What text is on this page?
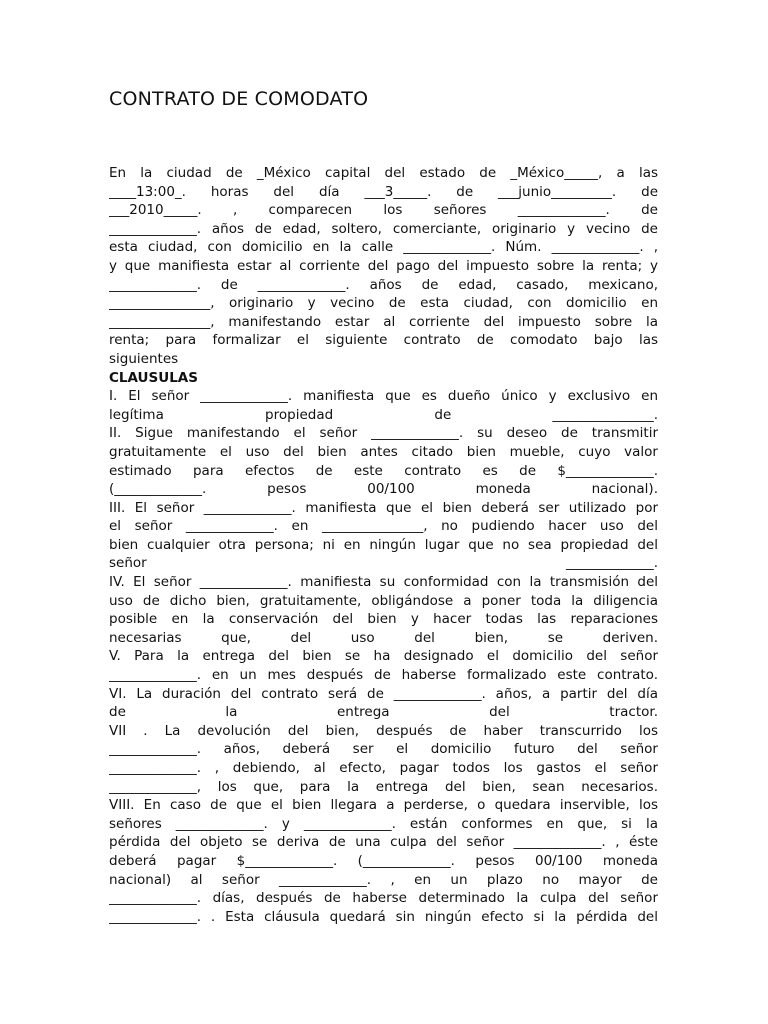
CONTRATO DE COMODATO
En la ciudad de _México capital del estado de _México_____, a las
____13:00_. horas del día ___3_____. de ___junio_________. de
___2010_____. , comparecen los señores _____________. de
_____________. años de edad, soltero, comerciante, originario y vecino de
esta ciudad, con domicilio en la calle _____________. Núm. _____________. ,
y que manifiesta estar al corriente del pago del impuesto sobre la renta; y
_____________. de _____________. años de edad, casado, mexicano,
_______________, originario y vecino de esta ciudad, con domicilio en
_______________, manifestando estar al corriente del impuesto sobre la
renta; para formalizar el siguiente contrato de comodato bajo las
siguientes
CLAUSULAS
I. El señor _____________. manifiesta que es dueño único y exclusivo en
legítima propiedad de _______________.
II. Sigue manifestando el señor _____________. su deseo de transmitir
gratuitamente el uso del bien antes citado bien mueble, cuyo valor
estimado para efectos de este contrato es de $_____________.
(_____________. pesos 00/100 moneda nacional).
III. El señor _____________. manifiesta que el bien deberá ser utilizado por
el señor _____________. en _______________, no pudiendo hacer uso del
bien cualquier otra persona; ni en ningún lugar que no sea propiedad del
señor _____________.
IV. El señor _____________. manifiesta su conformidad con la transmisión del
uso de dicho bien, gratuitamente, obligándose a poner toda la diligencia
posible en la conservación del bien y hacer todas las reparaciones
necesarias que, del uso del bien, se deriven.
V. Para la entrega del bien se ha designado el domicilio del señor
_____________. en un mes después de haberse formalizado este contrato.
VI. La duración del contrato será de _____________. años, a partir del día
de la entrega del tractor.
VII . La devolución del bien, después de haber transcurrido los
_____________. años, deberá ser el domicilio futuro del señor
_____________. , debiendo, al efecto, pagar todos los gastos el señor
_____________, los que, para la entrega del bien, sean necesarios.
VIII. En caso de que el bien llegara a perderse, o quedara inservible, los
señores _____________. y _____________. están conformes en que, si la
pérdida del objeto se deriva de una culpa del señor _____________. , éste
deberá pagar $_____________. (_____________. pesos 00/100 moneda
nacional) al señor _____________. , en un plazo no mayor de
_____________. días, después de haberse determinado la culpa del señor
_____________. . Esta cláusula quedará sin ningún efecto si la pérdida del
